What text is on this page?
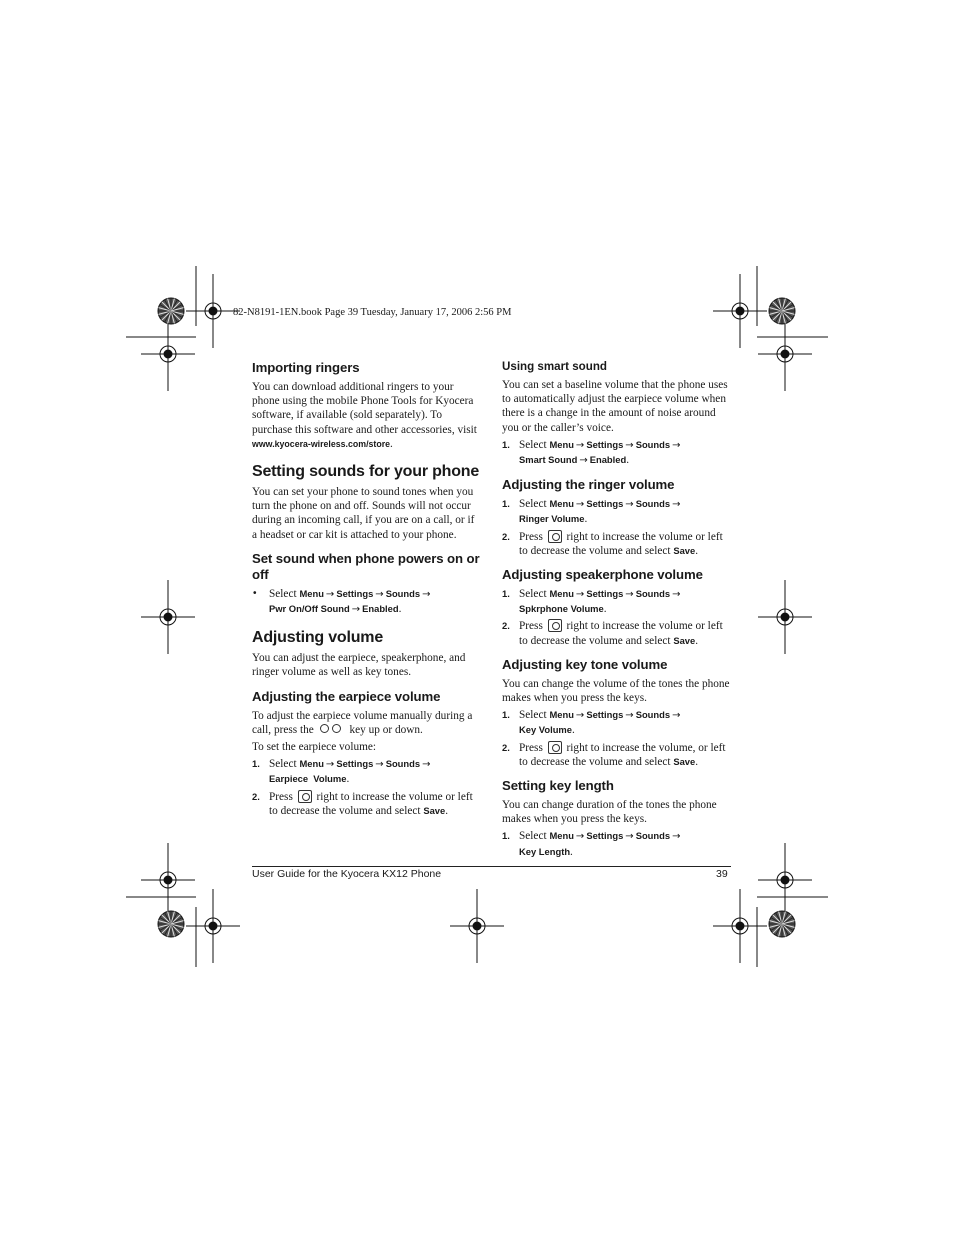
82-N8191-1EN.book Page 39 Tuesday, January 17, 2006 2:56 PM
Importing ringers

You can download additional ringers to your phone using the mobile Phone Tools for Kyocera software, if available (sold separately). To purchase this software and other accessories, visit www.kyocera-wireless.com/store.

Setting sounds for your phone

You can set your phone to sound tones when you turn the phone on and off. Sounds will not occur during an incoming call, if you are on a call, or if a headset or car kit is attached to your phone.

Set sound when phone powers on or off
• Select Menu → Settings → Sounds →
Pwr On/Off Sound → Enabled.
Adjusting volume

You can adjust the earpiece, speakerphone, and ringer volume as well as key tones.

Adjusting the earpiece volume

To adjust the earpiece volume manually during a call, press the	key up or down.

To set the earpiece volume:

1. Select Menu → Settings → Sounds →
Earpiece  Volume.
2. Press right to increase the volume or left to decrease the volume and select Save.
Using smart sound

You can set a baseline volume that the phone uses to automatically adjust the earpiece volume when there is a change in the amount of noise around you or the caller’s voice.

1. Select Menu → Settings → Sounds →
Smart Sound → Enabled.
Adjusting the ringer volume
1. Select Menu → Settings → Sounds →
Ringer Volume.
2. Press right to increase the volume or left to decrease the volume and select Save.
Adjusting speakerphone volume
1. Select Menu → Settings → Sounds →
Spkrphone Volume.
2. Press right to increase the volume or left to decrease the volume and select Save.
Adjusting key tone volume

You can change the volume of the tones the phone makes when you press the keys.

1. Select Menu → Settings → Sounds →
Key Volume.
2. Press right to increase the volume, or left to decrease the volume and select Save.
Setting key length

You can change duration of the tones the phone makes when you press the keys.

1. Select Menu → Settings → Sounds →
Key Length.
User Guide for the Kyocera KX12 Phone	39
